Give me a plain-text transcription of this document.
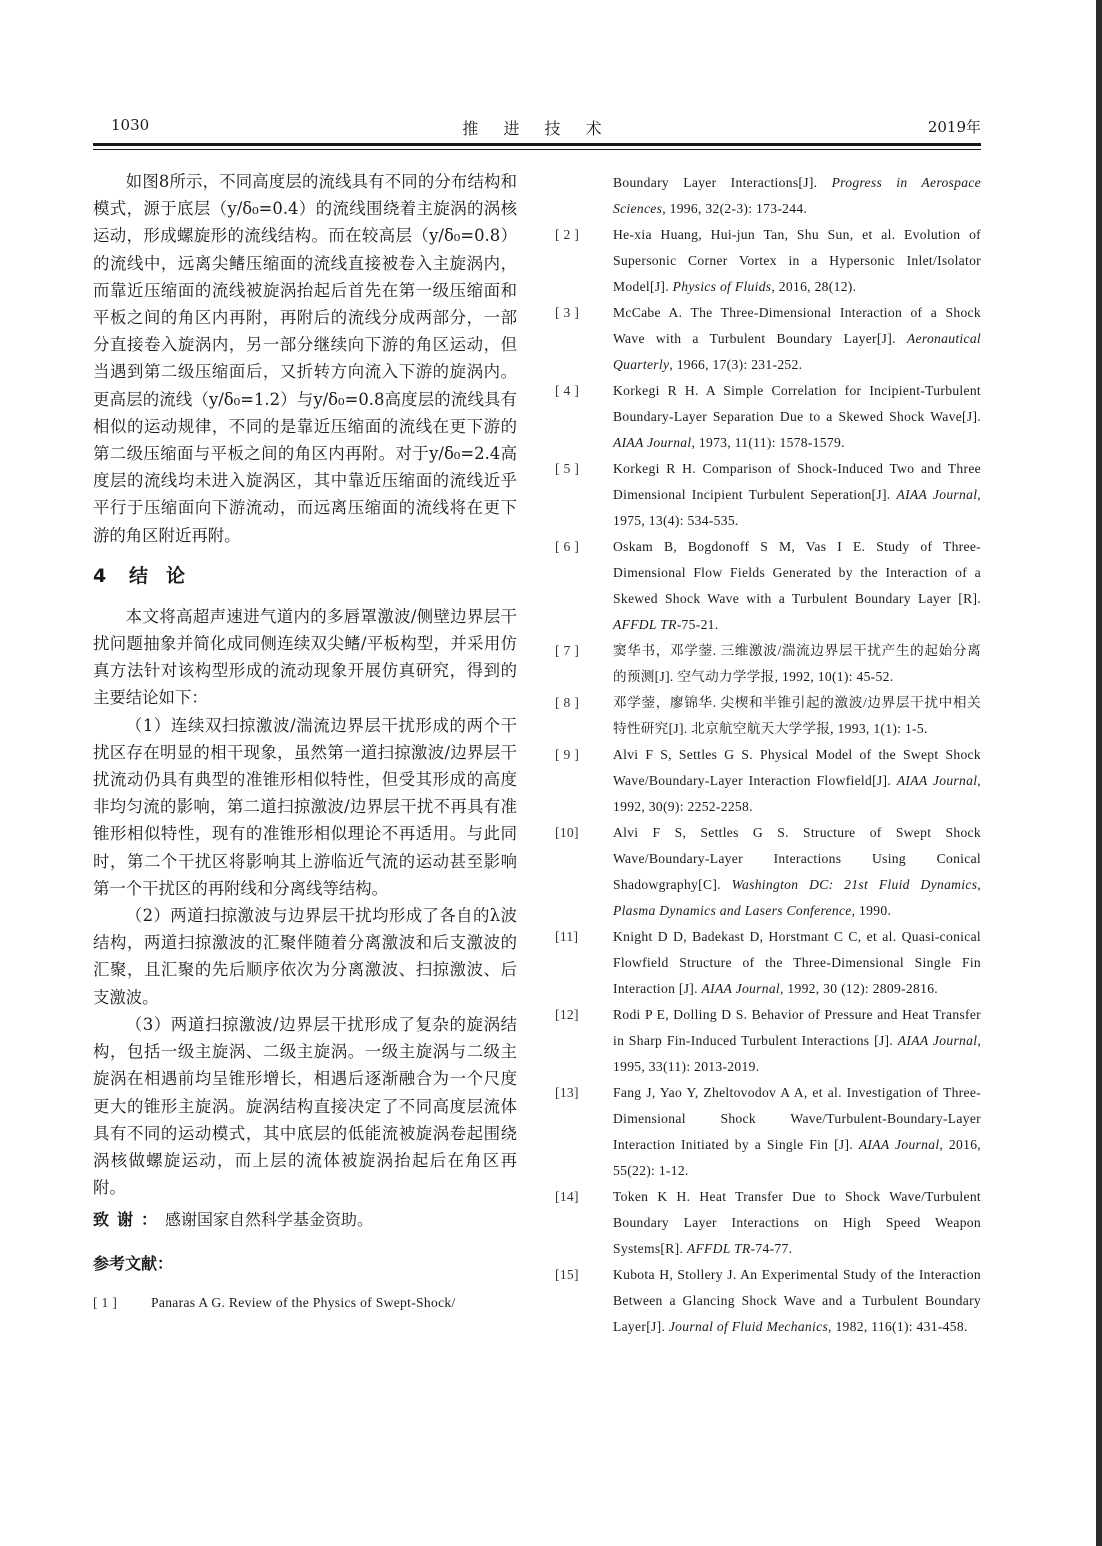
1030	推 进 技 术	2019年

如图8所示，不同高度层的流线具有不同的分布结构和模式，源于底层（y/δ₀=0.4）的流线围绕着主旋涡的涡核运动，形成螺旋形的流线结构。而在较高层（y/δ₀=0.8）的流线中，远离尖鳍压缩面的流线直接被卷入主旋涡内，而靠近压缩面的流线被旋涡抬起后首先在第一级压缩面和平板之间的角区内再附，再附后的流线分成两部分，一部分直接卷入旋涡内，另一部分继续向下游的角区运动，但当遇到第二级压缩面后，又折转方向流入下游的旋涡内。更高层的流线（y/δ₀=1.2）与y/δ₀=0.8高度层的流线具有相似的运动规律，不同的是靠近压缩面的流线在更下游的第二级压缩面与平板之间的角区内再附。对于y/δ₀=2.4高度层的流线均未进入旋涡区，其中靠近压缩面的流线近乎平行于压缩面向下游流动，而远离压缩面的流线将在更下游的角区附近再附。

4 结论

本文将高超声速进气道内的多唇罩激波/侧壁边界层干扰问题抽象并简化成同侧连续双尖鳍/平板构型，并采用仿真方法针对该构型形成的流动现象开展仿真研究，得到的主要结论如下：

（1）连续双扫掠激波/湍流边界层干扰形成的两个干扰区存在明显的相干现象，虽然第一道扫掠激波/边界层干扰流动仍具有典型的准锥形相似特性，但受其形成的高度非均匀流的影响，第二道扫掠激波/边界层干扰不再具有准锥形相似特性，现有的准锥形相似理论不再适用。与此同时，第二个干扰区将影响其上游临近气流的运动甚至影响第一个干扰区的再附线和分离线等结构。

（2）两道扫掠激波与边界层干扰均形成了各自的λ波结构，两道扫掠激波的汇聚伴随着分离激波和后支激波的汇聚，且汇聚的先后顺序依次为分离激波、扫掠激波、后支激波。

（3）两道扫掠激波/边界层干扰形成了复杂的旋涡结构，包括一级主旋涡、二级主旋涡。一级主旋涡与二级主旋涡在相遇前均呈锥形增长，相遇后逐渐融合为一个尺度更大的锥形主旋涡。旋涡结构直接决定了不同高度层流体具有不同的运动模式，其中底层的低能流被旋涡卷起围绕涡核做螺旋运动，而上层的流体被旋涡抬起后在角区再附。

致谢：感谢国家自然科学基金资助。
参考文献：
[ 1 ]	Panaras A G. Review of the Physics of Swept-Shock/
Boundary Layer Interactions[J]. Progress in Aerospace Sciences, 1996, 32(2-3): 173-244.
[ 2 ]	He-xia Huang, Hui-jun Tan, Shu Sun, et al. Evolution of Supersonic Corner Vortex in a Hypersonic Inlet/Isolator Model[J]. Physics of Fluids, 2016, 28(12).
[ 3 ]	McCabe A. The Three-Dimensional Interaction of a Shock Wave with a Turbulent Boundary Layer[J]. Aeronautical Quarterly, 1966, 17(3): 231-252.
[ 4 ]	Korkegi R H. A Simple Correlation for Incipient-Turbulent Boundary-Layer Separation Due to a Skewed Shock Wave[J]. AIAA Journal, 1973, 11(11): 1578-1579.
[ 5 ]	Korkegi R H. Comparison of Shock-Induced Two and Three Dimensional Incipient Turbulent Seperation[J]. AIAA Journal, 1975, 13(4): 534-535.
[ 6 ]	Oskam B, Bogdonoff S M, Vas I E. Study of Three-Dimensional Flow Fields Generated by the Interaction of a Skewed Shock Wave with a Turbulent Boundary Layer [R]. AFFDL TR-75-21.
[ 7 ]	窦华书，邓学蓥. 三维激波/湍流边界层干扰产生的起始分离的预测[J]. 空气动力学学报, 1992, 10(1): 45-52.
[ 8 ]	邓学蓥，廖锦华. 尖楔和半锥引起的激波/边界层干扰中相关特性研究[J]. 北京航空航天大学学报, 1993, 1(1): 1-5.
[ 9 ]	Alvi F S, Settles G S. Physical Model of the Swept Shock Wave/Boundary-Layer Interaction Flowfield[J]. AIAA Journal, 1992, 30(9): 2252-2258.
[10]	Alvi F S, Settles G S. Structure of Swept Shock Wave/Boundary-Layer Interactions Using Conical Shadowgraphy[C]. Washington DC: 21st Fluid Dynamics, Plasma Dynamics and Lasers Conference, 1990.
[11]	Knight D D, Badekast D, Horstmant C C, et al. Quasi-conical Flowfield Structure of the Three-Dimensional Single Fin Interaction [J]. AIAA Journal, 1992, 30 (12): 2809-2816.
[12]	Rodi P E, Dolling D S. Behavior of Pressure and Heat Transfer in Sharp Fin-Induced Turbulent Interactions [J]. AIAA Journal, 1995, 33(11): 2013-2019.
[13]	Fang J, Yao Y, Zheltovodov A A, et al. Investigation of Three-Dimensional Shock Wave/Turbulent-Boundary-Layer Interaction Initiated by a Single Fin [J]. AIAA Journal, 2016, 55(22): 1-12.
[14]	Token K H. Heat Transfer Due to Shock Wave/Turbulent Boundary Layer Interactions on High Speed Weapon Systems[R]. AFFDL TR-74-77.
[15]	Kubota H, Stollery J. An Experimental Study of the Interaction Between a Glancing Shock Wave and a Turbulent Boundary Layer[J]. Journal of Fluid Mechanics, 1982, 116(1): 431-458.
